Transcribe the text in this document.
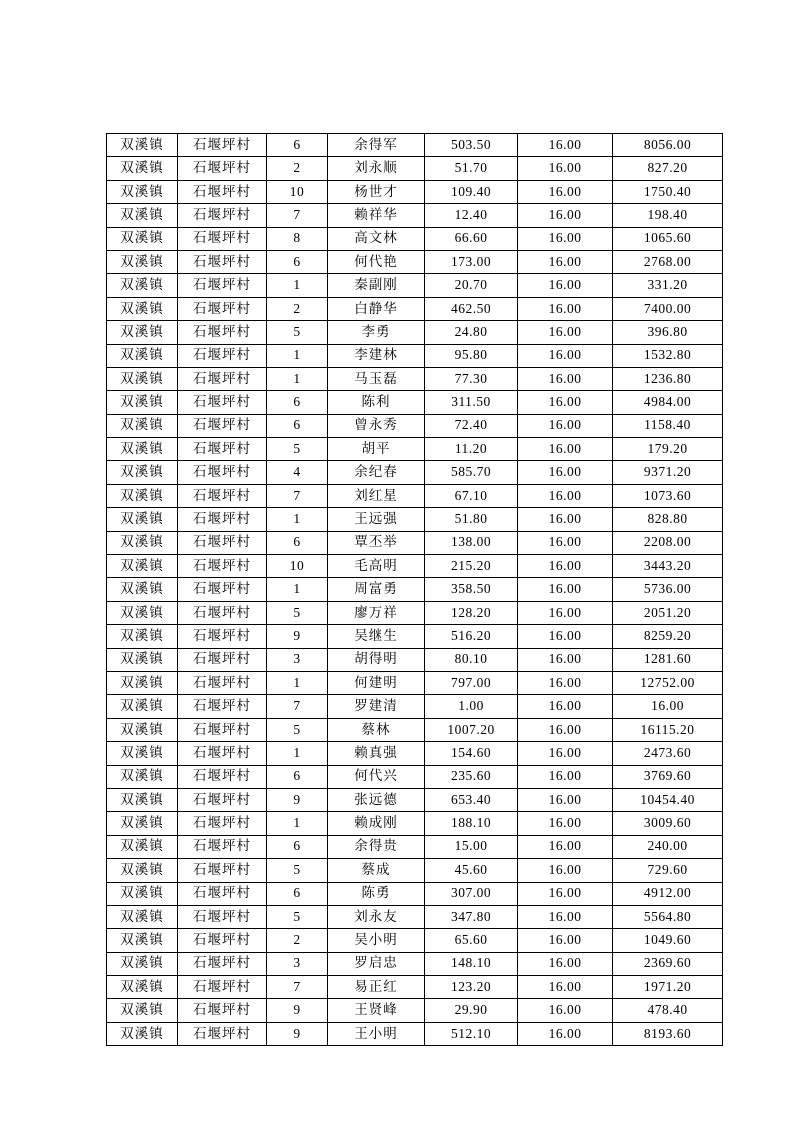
双溪镇	石堰坪村	6	余得军	503.50	16.00	8056.00
双溪镇	石堰坪村	2	刘永顺	51.70	16.00	827.20
双溪镇	石堰坪村	10	杨世才	109.40	16.00	1750.40
双溪镇	石堰坪村	7	赖祥华	12.40	16.00	198.40
双溪镇	石堰坪村	8	高文林	66.60	16.00	1065.60
双溪镇	石堰坪村	6	何代艳	173.00	16.00	2768.00
双溪镇	石堰坪村	1	秦副刚	20.70	16.00	331.20
双溪镇	石堰坪村	2	白静华	462.50	16.00	7400.00
双溪镇	石堰坪村	5	李勇	24.80	16.00	396.80
双溪镇	石堰坪村	1	李建林	95.80	16.00	1532.80
双溪镇	石堰坪村	1	马玉磊	77.30	16.00	1236.80
双溪镇	石堰坪村	6	陈利	311.50	16.00	4984.00
双溪镇	石堰坪村	6	曾永秀	72.40	16.00	1158.40
双溪镇	石堰坪村	5	胡平	11.20	16.00	179.20
双溪镇	石堰坪村	4	余纪春	585.70	16.00	9371.20
双溪镇	石堰坪村	7	刘红星	67.10	16.00	1073.60
双溪镇	石堰坪村	1	王远强	51.80	16.00	828.80
双溪镇	石堰坪村	6	覃丕举	138.00	16.00	2208.00
双溪镇	石堰坪村	10	毛高明	215.20	16.00	3443.20
双溪镇	石堰坪村	1	周富勇	358.50	16.00	5736.00
双溪镇	石堰坪村	5	廖万祥	128.20	16.00	2051.20
双溪镇	石堰坪村	9	吴继生	516.20	16.00	8259.20
双溪镇	石堰坪村	3	胡得明	80.10	16.00	1281.60
双溪镇	石堰坪村	1	何建明	797.00	16.00	12752.00
双溪镇	石堰坪村	7	罗建清	1.00	16.00	16.00
双溪镇	石堰坪村	5	蔡林	1007.20	16.00	16115.20
双溪镇	石堰坪村	1	赖真强	154.60	16.00	2473.60
双溪镇	石堰坪村	6	何代兴	235.60	16.00	3769.60
双溪镇	石堰坪村	9	张远德	653.40	16.00	10454.40
双溪镇	石堰坪村	1	赖成刚	188.10	16.00	3009.60
双溪镇	石堰坪村	6	余得贵	15.00	16.00	240.00
双溪镇	石堰坪村	5	蔡成	45.60	16.00	729.60
双溪镇	石堰坪村	6	陈勇	307.00	16.00	4912.00
双溪镇	石堰坪村	5	刘永友	347.80	16.00	5564.80
双溪镇	石堰坪村	2	吴小明	65.60	16.00	1049.60
双溪镇	石堰坪村	3	罗启忠	148.10	16.00	2369.60
双溪镇	石堰坪村	7	易正红	123.20	16.00	1971.20
双溪镇	石堰坪村	9	王贤峰	29.90	16.00	478.40
双溪镇	石堰坪村	9	王小明	512.10	16.00	8193.60
